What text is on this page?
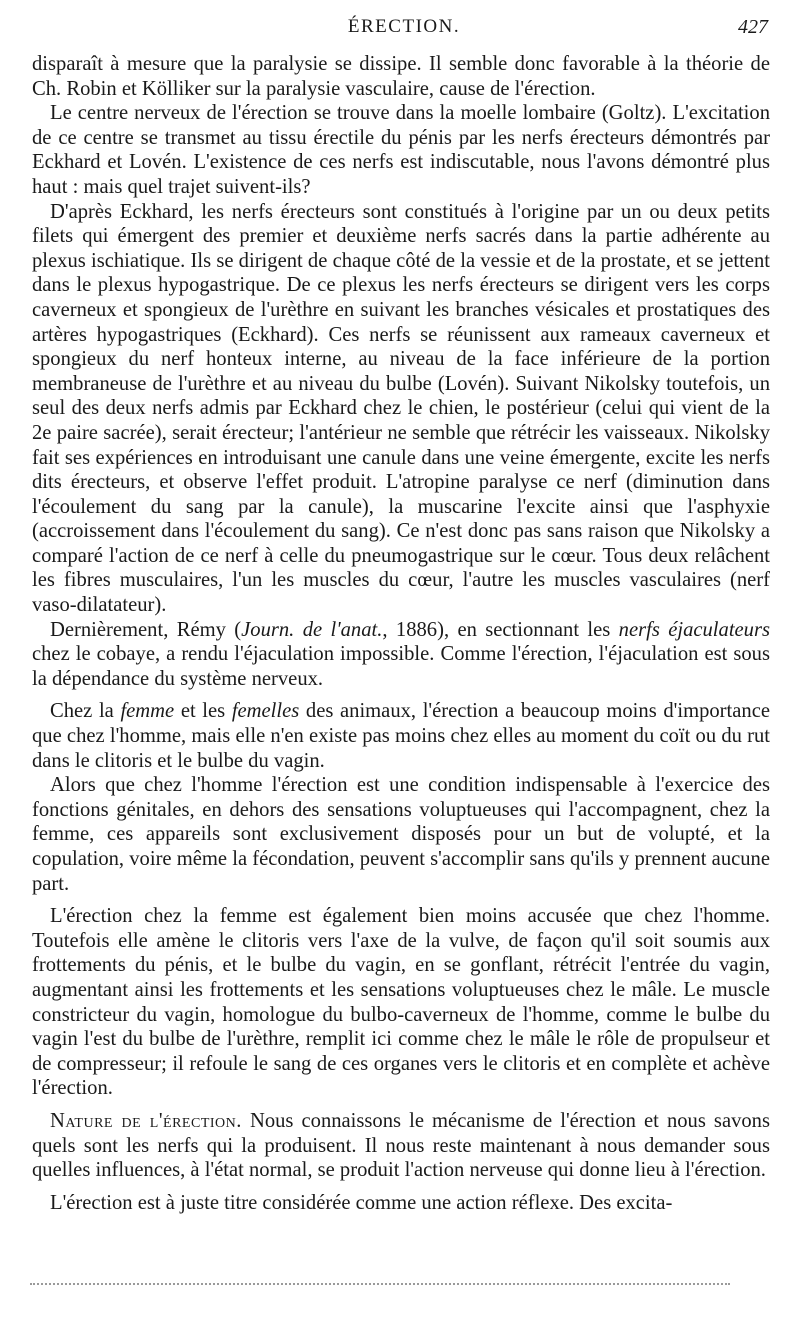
ÉRECTION.	427

disparaît à mesure que la paralysie se dissipe. Il semble donc favorable à la théorie de Ch. Robin et Kölliker sur la paralysie vasculaire, cause de l'érection.

Le centre nerveux de l'érection se trouve dans la moelle lombaire (Goltz). L'excitation de ce centre se transmet au tissu érectile du pénis par les nerfs érecteurs démontrés par Eckhard et Lovén. L'existence de ces nerfs est indiscutable, nous l'avons démontré plus haut : mais quel trajet suivent-ils?

D'après Eckhard, les nerfs érecteurs sont constitués à l'origine par un ou deux petits filets qui émergent des premier et deuxième nerfs sacrés dans la partie adhérente au plexus ischiatique. Ils se dirigent de chaque côté de la vessie et de la prostate, et se jettent dans le plexus hypogastrique. De ce plexus les nerfs érecteurs se dirigent vers les corps caverneux et spongieux de l'urèthre en suivant les branches vésicales et prostatiques des artères hypogastriques (Eckhard). Ces nerfs se réunissent aux rameaux caverneux et spongieux du nerf honteux interne, au niveau de la face inférieure de la portion membraneuse de l'urèthre et au niveau du bulbe (Lovén). Suivant Nikolsky toutefois, un seul des deux nerfs admis par Eckhard chez le chien, le postérieur (celui qui vient de la 2e paire sacrée), serait érecteur; l'antérieur ne semble que rétrécir les vaisseaux. Nikolsky fait ses expériences en introduisant une canule dans une veine émergente, excite les nerfs dits érecteurs, et observe l'effet produit. L'atropine paralyse ce nerf (diminution dans l'écoulement du sang par la canule), la muscarine l'excite ainsi que l'asphyxie (accroissement dans l'écoulement du sang). Ce n'est donc pas sans raison que Nikolsky a comparé l'action de ce nerf à celle du pneumogastrique sur le cœur. Tous deux relâchent les fibres musculaires, l'un les muscles du cœur, l'autre les muscles vasculaires (nerf vaso-dilatateur).

Dernièrement, Rémy (Journ. de l'anat., 1886), en sectionnant les nerfs éjaculateurs chez le cobaye, a rendu l'éjaculation impossible. Comme l'érection, l'éjaculation est sous la dépendance du système nerveux.

Chez la femme et les femelles des animaux, l'érection a beaucoup moins d'importance que chez l'homme, mais elle n'en existe pas moins chez elles au moment du coït ou du rut dans le clitoris et le bulbe du vagin.

Alors que chez l'homme l'érection est une condition indispensable à l'exercice des fonctions génitales, en dehors des sensations voluptueuses qui l'accompagnent, chez la femme, ces appareils sont exclusivement disposés pour un but de volupté, et la copulation, voire même la fécondation, peuvent s'accomplir sans qu'ils y prennent aucune part.

L'érection chez la femme est également bien moins accusée que chez l'homme. Toutefois elle amène le clitoris vers l'axe de la vulve, de façon qu'il soit soumis aux frottements du pénis, et le bulbe du vagin, en se gonflant, rétrécit l'entrée du vagin, augmentant ainsi les frottements et les sensations voluptueuses chez le mâle. Le muscle constricteur du vagin, homologue du bulbo-caverneux de l'homme, comme le bulbe du vagin l'est du bulbe de l'urèthre, remplit ici comme chez le mâle le rôle de propulseur et de compresseur; il refoule le sang de ces organes vers le clitoris et en complète et achève l'érection.

Nature de l'érection. Nous connaissons le mécanisme de l'érection et nous savons quels sont les nerfs qui la produisent. Il nous reste maintenant à nous demander sous quelles influences, à l'état normal, se produit l'action nerveuse qui donne lieu à l'érection.

L'érection est à juste titre considérée comme une action réflexe. Des excita-
